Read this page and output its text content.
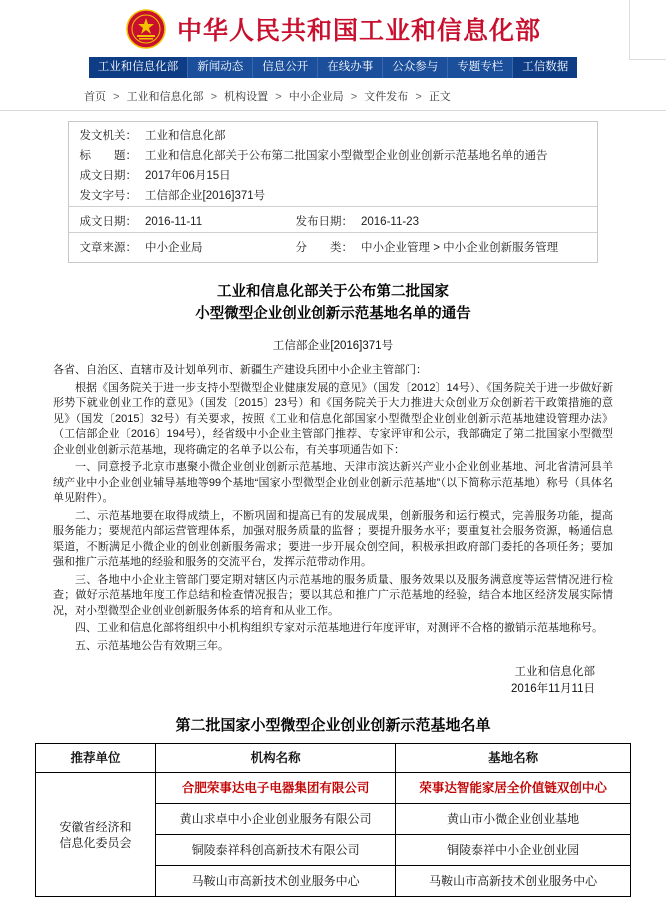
中华人民共和国工业和信息化部
工业和信息化部	新闻动态	信息公开	在线办事	公众参与	专题专栏	工信数据
首页 > 工业和信息化部 > 机构设置 > 中小企业局 > 文件发布 > 正文
发文机关：	工业和信息化部		
标　　题：	工业和信息化部关于公布第二批国家小型微型企业创业创新示范基地名单的通告		
成文日期：	2017年06月15日		
发文字号：	工信部企业[2016]371号		

成文日期：	2016-11-11	发布日期：	2016-11-23

文章来源：	中小企业局	分　　类：	中小企业管理 > 中小企业创新服务管理
工业和信息化部关于公布第二批国家
小型微型企业创业创新示范基地名单的通告
工信部企业[2016]371号

各省、自治区、直辖市及计划单列市、新疆生产建设兵团中小企业主管部门：

根据《国务院关于进一步支持小型微型企业健康发展的意见》（国发〔2012〕14号）、《国务院关于进一步做好新形势下就业创业工作的意见》（国发〔2015〕23号）和《国务院关于大力推进大众创业万众创新若干政策措施的意见》（国发〔2015〕32号）有关要求，按照《工业和信息化部国家小型微型企业创业创新示范基地建设管理办法》（工信部企业〔2016〕194号），经省级中小企业主管部门推荐、专家评审和公示，我部确定了第二批国家小型微型企业创业创新示范基地，现将确定的名单予以公布，有关事项通告如下：

一、同意授予北京市惠聚小微企业创业创新示范基地、天津市滨达新兴产业小企业创业基地、河北省清河县羊绒产业中小企业创业辅导基地等99个基地“国家小型微型企业创业创新示范基地”（以下简称示范基地）称号（具体名单见附件）。

二、示范基地要在取得成绩上，不断巩固和提高已有的发展成果，创新服务和运行模式，完善服务功能，提高服务能力；要规范内部运营管理体系，加强对服务质量的监督 ；要提升服务水平；要重复社会服务资源，畅通信息渠道，不断满足小微企业的创业创新服务需求；要进一步开展众创空间，积极承担政府部门委托的各项任务；要加强和推广示范基地的经验和服务的交流平台，发挥示范带动作用。

三、各地中小企业主管部门要定期对辖区内示范基地的服务质量、服务效果以及服务满意度等运营情况进行检查；做好示范基地年度工作总结和检查情况报告；要以其总和推广广示范基地的经验，结合本地区经济发展实际情况，对小型微型企业创业创新服务体系的培育和从业工作。

四、工业和信息化部将组织中小机构组织专家对示范基地进行年度评审，对测评不合格的撤销示范基地称号。

五、示范基地公告有效期三年。

工业和信息化部
2016年11月11日
第二批国家小型微型企业创业创新示范基地名单
推荐单位	机构名称	基地名称
安徽省经济和
信息化委员会	合肥荣事达电子电器集团有限公司	荣事达智能家居全价值链双创中心
	黄山求卓中小企业创业服务有限公司	黄山市小微企业创业基地
	铜陵泰祥科创高新技术有限公司	铜陵泰祥中小企业创业园
	马鞍山市高新技术创业服务中心	马鞍山市高新技术创业服务中心
